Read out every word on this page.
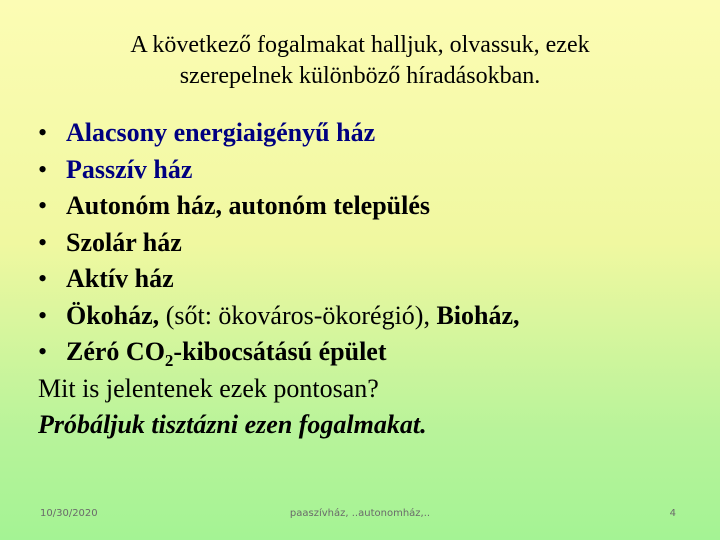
A következő fogalmakat halljuk, olvassuk, ezek
szerepelnek különböző híradásokban.
• Alacsony energiaigényű ház
• Passzív ház
• Autonóm ház, autonóm település
• Szolár ház
• Aktív ház
• Ökoház, (sőt: ökováros-ökorégió), Bioház,
• Zéró $CO_2$-kibocsátású épület
Mit is jelentenek ezek pontosan?
Próbáljuk tisztázni ezen fogalmakat.
10/30/2020	paaszívház, ..autonomház,..	4
